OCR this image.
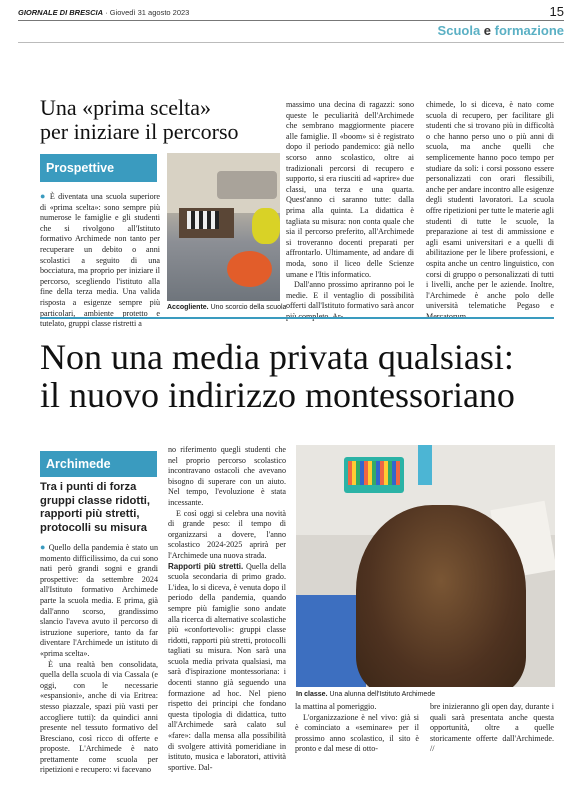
GIORNALE DI BRESCIA · Giovedì 31 agosto 2023	15
Scuola e formazione
Una «prima scelta»
per iniziare il percorso
Prospettive

● È diventata una scuola superiore di «prima scelta»: sono sempre più numerose le famiglie e gli studenti che si rivolgono all'Istituto formativo Archimede non tanto per recuperare un debito o anni scolastici a seguito di una bocciatura, ma proprio per iniziare il percorso, scegliendo l'istituto alla fine della terza media. Una valida risposta a esigenze sempre più particolari, ambiente protetto e tutelato, gruppi classe ristretti a

Accogliente. Uno scorcio della scuola

massimo una decina di ragazzi: sono queste le peculiarità dell'Archimede che sembrano maggiormente piacere alle famiglie. Il «boom» si è registrato dopo il periodo pandemico: già nello scorso anno scolastico, oltre ai tradizionali percorsi di recupero e supporto, si era riusciti ad «aprire» due classi, una terza e una quarta. Quest'anno ci saranno tutte: dalla prima alla quinta. La didattica è tagliata su misura: non conta quale che sia il percorso preferito, all'Archimede si troveranno docenti preparati per affrontarlo. Ultimamente, ad andare di moda, sono il liceo delle Scienze umane e l'Itis informatico.

Dall'anno prossimo apriranno poi le medie. E il ventaglio di possibilità offerti dall'Istituto formativo sarà ancor più completo. Ar-

chimede, lo si diceva, è nato come scuola di recupero, per facilitare gli studenti che si trovano più in difficoltà o che hanno perso uno o più anni di scuola, ma anche quelli che semplicemente hanno poco tempo per studiare da soli: i corsi possono essere personalizzati con orari flessibili, anche per andare incontro alle esigenze degli studenti lavoratori. La scuola offre ripetizioni per tutte le materie agli studenti di tutte le scuole, la preparazione ai test di ammissione e agli esami universitari e a quelli di abilitazione per le libere professioni, e ospita anche un centro linguistico, con corsi di gruppo o personalizzati di tutti i livelli, anche per le aziende. Inoltre, l'Archimede è anche polo delle università telematiche Pegaso e Mercatorum.

Non una media privata qualsiasi:
il nuovo indirizzo montessoriano
Archimede
Tra i punti di forza gruppi classe ridotti, rapporti più stretti, protocolli su misura

● Quello della pandemia è stato un momento difficilissimo, da cui sono nati però grandi sogni e grandi prospettive: da settembre 2024 all'Istituto formativo Archimede parte la scuola media. E prima, già dall'anno scorso, grandissimo slancio l'aveva avuto il percorso di istruzione superiore, tanto da far diventare l'Archimede un istituto di «prima scelta».

È una realtà ben consolidata, quella della scuola di via Cassala (e oggi, con le necessarie «espansioni», anche di via Eritrea: stesso piazzale, spazi più vasti per accogliere tutti): da quindici anni presente nel tessuto formativo del Bresciano, così ricco di offerte e proposte. L'Archimede è nato prettamente come scuola per ripetizioni e recupero: vi facevano

no riferimento quegli studenti che nel proprio percorso scolastico incontravano ostacoli che avevano bisogno di superare con un aiuto. Nel tempo, l'evoluzione è stata incessante.

E così oggi si celebra una novità di grande peso: il tempo di organizzarsi a dovere, l'anno scolastico 2024-2025 aprirà per l'Archimede una nuova strada.

Rapporti più stretti. Quella della scuola secondaria di primo grado. L'idea, lo si diceva, è venuta dopo il periodo della pandemia, quando sempre più famiglie sono andate alla ricerca di alternative scolastiche più «confortevoli»: gruppi classe ridotti, rapporti più stretti, protocolli tagliati su misura. Non sarà una scuola media privata qualsiasi, ma sarà d'ispirazione montessoriana: i docenti stanno già seguendo una formazione ad hoc. Nel pieno rispetto dei principi che fondano questa tipologia di didattica, tutto all'Archimede sarà calato sul «fare»: dalla mensa alla possibilità di svolgere attività pomeridiane in istituto, musica e laboratori, attività sportive. Dal-

In classe. Una alunna dell'Istituto Archimede

la mattina al pomeriggio.

L'organizzazione è nel vivo: già si è cominciato a «seminare» per il prossimo anno scolastico, il sito è pronto e dal mese di otto-

bre inizieranno gli open day, durante i quali sarà presentata anche questa opportunità, oltre a quelle storicamente offerte dall'Archimede. //
